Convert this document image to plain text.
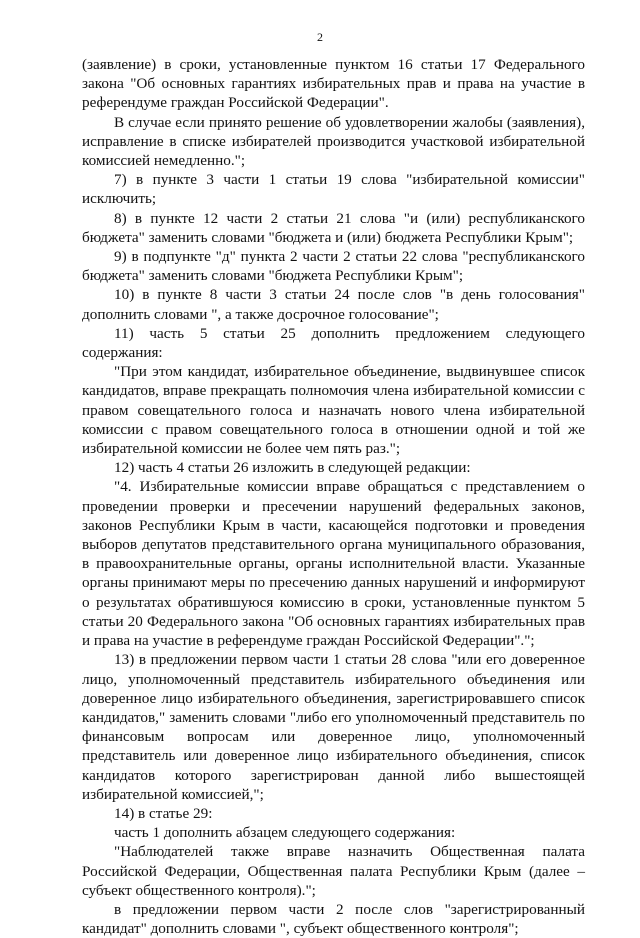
2

(заявление) в сроки, установленные пунктом 16 статьи 17 Федерального закона "Об основных гарантиях избирательных прав и права на участие в референдуме граждан Российской Федерации".

В случае если принято решение об удовлетворении жалобы (заявления), исправление в списке избирателей производится участковой избирательной комиссией немедленно.";

7) в пункте 3 части 1 статьи 19 слова "избирательной комиссии" исключить;

8) в пункте 12 части 2 статьи 21 слова "и (или) республиканского бюджета" заменить словами "бюджета и (или) бюджета Республики Крым";

9) в подпункте "д" пункта 2 части 2 статьи 22 слова "республиканского бюджета" заменить словами "бюджета Республики Крым";

10) в пункте 8 части 3 статьи 24 после слов "в день голосования" дополнить словами ", а также досрочное голосование";

11) часть 5 статьи 25 дополнить предложением следующего содержания:

"При этом кандидат, избирательное объединение, выдвинувшее список кандидатов, вправе прекращать полномочия члена избирательной комиссии с правом совещательного голоса и назначать нового члена избирательной комиссии с правом совещательного голоса в отношении одной и той же избирательной комиссии не более чем пять раз.";

12) часть 4 статьи 26 изложить в следующей редакции:

"4. Избирательные комиссии вправе обращаться с представлением о проведении проверки и пресечении нарушений федеральных законов, законов Республики Крым в части, касающейся подготовки и проведения выборов депутатов представительного органа муниципального образования, в правоохранительные органы, органы исполнительной власти. Указанные органы принимают меры по пресечению данных нарушений и информируют о результатах обратившуюся комиссию в сроки, установленные пунктом 5 статьи 20 Федерального закона "Об основных гарантиях избирательных прав и права на участие в референдуме граждан Российской Федерации".";

13) в предложении первом части 1 статьи 28 слова "или его доверенное лицо, уполномоченный представитель избирательного объединения или доверенное лицо избирательного объединения, зарегистрировавшего список кандидатов," заменить словами "либо его уполномоченный представитель по финансовым вопросам или доверенное лицо, уполномоченный представитель или доверенное лицо избирательного объединения, список кандидатов которого зарегистрирован данной либо вышестоящей избирательной комиссией,";

14) в статье 29:

часть 1 дополнить абзацем следующего содержания:

"Наблюдателей также вправе назначить Общественная палата Российской Федерации, Общественная палата Республики Крым (далее – субъект общественного контроля).";

в предложении первом части 2 после слов "зарегистрированный кандидат" дополнить словами ", субъект общественного контроля";
